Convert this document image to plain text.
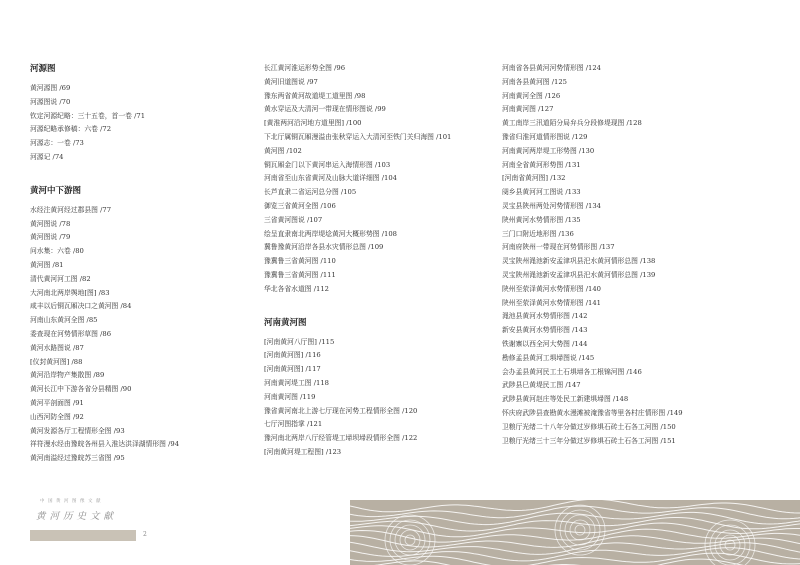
河源图
黄河源图 /69
河源图说 /70
钦定河源纪略：三十五卷，首一卷 /71
河源纪略承修稿：六卷 /72
河源志：一卷 /73
河源记 /74
黄河中下游图
水经注黄河经过郡县图 /77
黄河图说 /78
黄河图说 /79
问水集：六卷 /80
黄河图 /81
清代黄河河工图 /82
大河南北两岸舆地[图] /83
咸丰以后铜瓦厢决口之黄河图 /84
河南山东黄河全图 /85
委查现在河势情形草图 /86
黄河水路图说 /87
[仪封黄河图] /88
黄河沿岸物产集散图 /89
黄河长江中下游各省分县精图 /90
黄河平剖面图 /91
山西河防全图 /92
黄河发源各厅工程情形全图 /93
祥符漫水经由豫皖各州县入淮达洪泽湖情形图 /94
黄河南溢经过豫皖苏三省图 /95
长江黄河淮运形势全图 /96
黄河旧道图说 /97
豫东两省黄河故道堤工道里图 /98
黄水穿运及大清河一带现在情形图说 /99
[黄淮两河沿河地方道里图] /100
下北厅属铜瓦厢漫溢由张秋穿运入大清河至铁门关归海图 /101
黄河图 /102
铜瓦厢金门以下黄河串运入海情形图 /103
河南省至山东省黄河及山脉大道详细图 /104
长芦直隶二省运河总分图 /105
御览三省黄河全图 /106
三省黄河图说 /107
绘呈直隶南北两岸堤埝黄河大概形势图 /108
冀鲁豫黄河沿岸各县水灾情形总图 /109
豫冀鲁三省黄河图 /110
豫冀鲁三省黄河图 /111
华北各省水道图 /112
河南黄河图
[河南黄河八厅图] /115
[河南黄河图] /116
[河南黄河图] /117
河南黄河堤工图 /118
河南黄河图 /119
豫省黄河南北上游七厅现在河势工程情形全图 /120
七厅河图指掌 /121
豫河南北两岸八厅经管堤工埽坝埽段情形全图 /122
[河南黄河堤工程图] /123
河南省各县黄河河势情形图 /124
河南各县黄河图 /125
河南黄河全图 /126
河南黄河图 /127
黄工南岸三汛道陌分局弁兵分段修堤现图 /128
豫省归淮河道情形图说 /129
河南黄河两岸堤工形势图 /130
河南全省黄河形势图 /131
[河南省黄河图] /132
阌乡县黄河河工图说 /133
灵宝县陕州两处河势情形图 /134
陕州黄河水势情形图 /135
三门口附近地形图 /136
河南府陕州一带现在河势情形图 /137
灵宝陕州渑池新安孟津巩县汜水黄河情形总图 /138
灵宝陕州渑池新安孟津巩县汜水黄河情形总图 /139
陕州至荥泽黄河水势情形图 /140
陕州至荥泽黄河水势情形图 /141
渑池县黄河水势情形图 /142
新安县黄河水势情形图 /143
铁谢寨以西全河大势图 /144
勘修孟县黄河工埧埽图说 /145
会办孟县黄河民工土石埧埽各工根锦河图 /146
武陟县巳黄堤民工图 /147
武陟县黄河赵庄等处民工新建埧埽图 /148
怀庆府武陟县查勘黄水漫滩被淹豫省等里各村庄情形图 /149
卫粮厅光绪二十八年分做过岁修埧石砖土石各工河图 /150
卫粮厅光绪三十三年分做过岁修埧石砖土石各工河图 /151
中国黄河图像文献
黄河历史文献
2
